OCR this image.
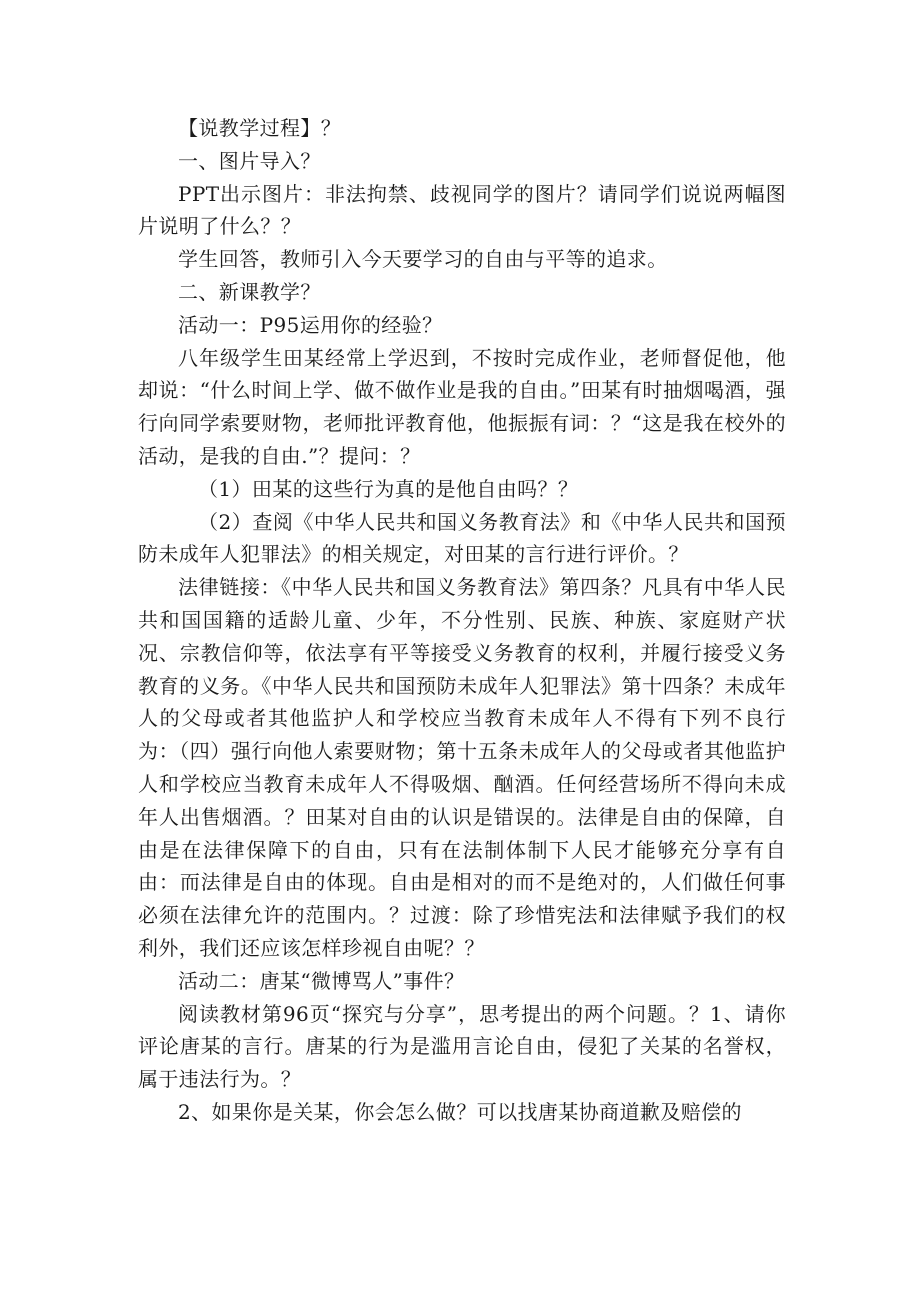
【说教学过程】？

一、图片导入？

PPT出示图片：非法拘禁、歧视同学的图片？请同学们说说两幅图片说明了什么？？

学生回答，教师引入今天要学习的自由与平等的追求。

二、新课教学？

活动一：P95运用你的经验？

八年级学生田某经常上学迟到，不按时完成作业，老师督促他，他却说：“什么时间上学、做不做作业是我的自由。”田某有时抽烟喝酒，强行向同学索要财物，老师批评教育他，他振振有词：？“这是我在校外的活动，是我的自由.”？提问：？

（1）田某的这些行为真的是他自由吗？？

（2）查阅《中华人民共和国义务教育法》和《中华人民共和国预防未成年人犯罪法》的相关规定，对田某的言行进行评价。？

法律链接：《中华人民共和国义务教育法》第四条？凡具有中华人民共和国国籍的适龄儿童、少年，不分性别、民族、种族、家庭财产状况、宗教信仰等，依法享有平等接受义务教育的权利，并履行接受义务教育的义务。《中华人民共和国预防未成年人犯罪法》第十四条？未成年人的父母或者其他监护人和学校应当教育未成年人不得有下列不良行为：（四）强行向他人索要财物；第十五条未成年人的父母或者其他监护人和学校应当教育未成年人不得吸烟、酗酒。任何经营场所不得向未成年人出售烟酒。？田某对自由的认识是错误的。法律是自由的保障，自由是在法律保障下的自由，只有在法制体制下人民才能够充分享有自由：而法律是自由的体现。自由是相对的而不是绝对的，人们做任何事必须在法律允许的范围内。？过渡：除了珍惜宪法和法律赋予我们的权利外，我们还应该怎样珍视自由呢？？

活动二：唐某“微博骂人”事件？

阅读教材第96页“探究与分享”，思考提出的两个问题。？1、请你评论唐某的言行。唐某的行为是滥用言论自由，侵犯了关某的名誉权，属于违法行为。？

2、如果你是关某，你会怎么做？可以找唐某协商道歉及赔偿的
